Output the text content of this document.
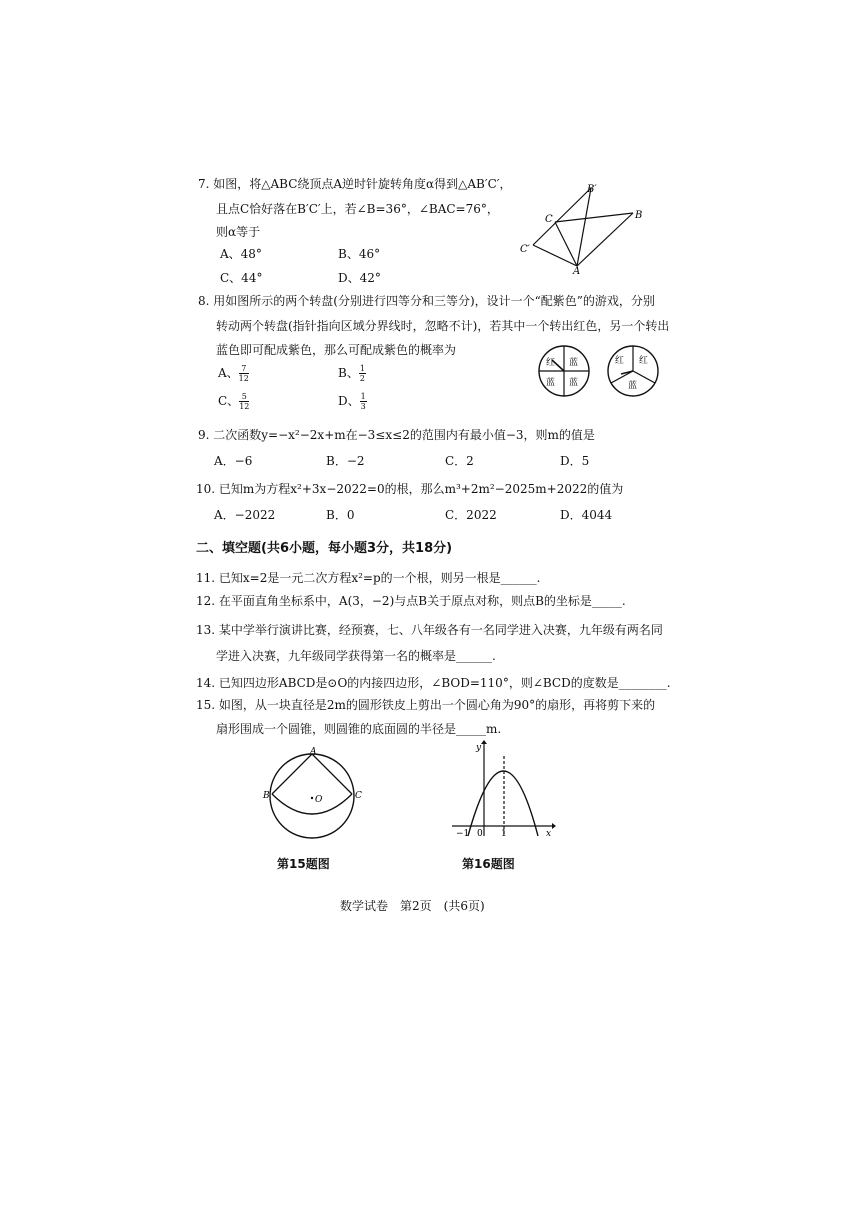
7. 如图，将△ABC绕顶点A逆时针旋转角度α得到△AB′C′，
且点C恰好落在B′C′上，若∠B=36°，∠BAC=76°，
则α等于
A、48°	B、46°
C、44°	D、42°
B′
C	B
C′
A
8. 用如图所示的两个转盘(分别进行四等分和三等分)，设计一个“配紫色”的游戏，分别
转动两个转盘(指针指向区域分界线时，忽略不计)，若其中一个转出红色，另一个转出
蓝色即可配成紫色，那么可配成紫色的概率为
A、 $\frac{7}{12}$	B、 $\frac{1}{2}$
C、 $\frac{5}{12}$	D、 $\frac{1}{3}$
红 蓝
蓝 蓝
红 红
蓝
9. 二次函数y=−x²−2x+m在−3≤x≤2的范围内有最小值−3，则m的值是
A．−6	B．−2	C．2	D．5
10. 已知m为方程x²+3x−2022=0的根，那么m³+2m²−2025m+2022的值为
A．−2022	B．0	C．2022	D．4044
二、填空题(共6小题，每小题3分，共18分)
11. 已知x=2是一元二次方程x²=p的一个根，则另一根是______.
12. 在平面直角坐标系中，A(3，−2)与点B关于原点对称，则点B的坐标是_____.
13. 某中学举行演讲比赛，经预赛，七、八年级各有一名同学进入决赛，九年级有两名同
学进入决赛，九年级同学获得第一名的概率是______.
14. 已知四边形ABCD是⊙O的内接四边形，∠BOD=110°，则∠BCD的度数是________.
15. 如图，从一块直径是2m的圆形铁皮上剪出一个圆心角为90°的扇形，再将剪下来的
扇形围成一个圆锥，则圆锥的底面圆的半径是_____m.
A
B	O	C
第15题图
y
−1 0 1	x
第16题图
数学试卷　第2页　(共6页)
